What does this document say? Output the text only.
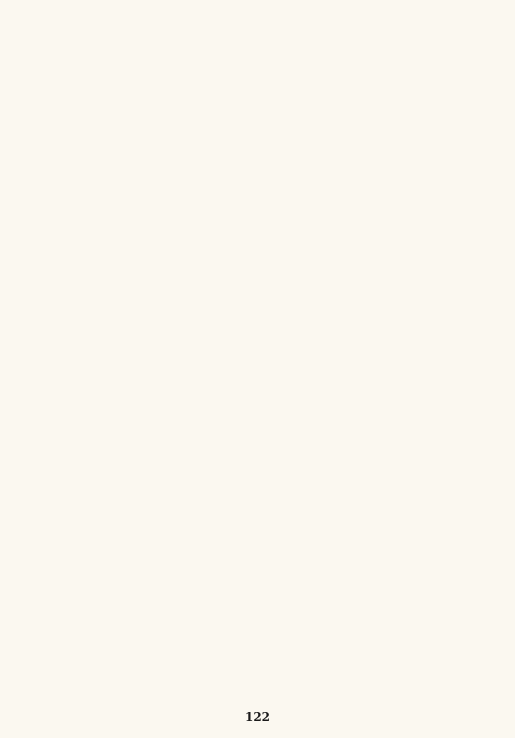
122
